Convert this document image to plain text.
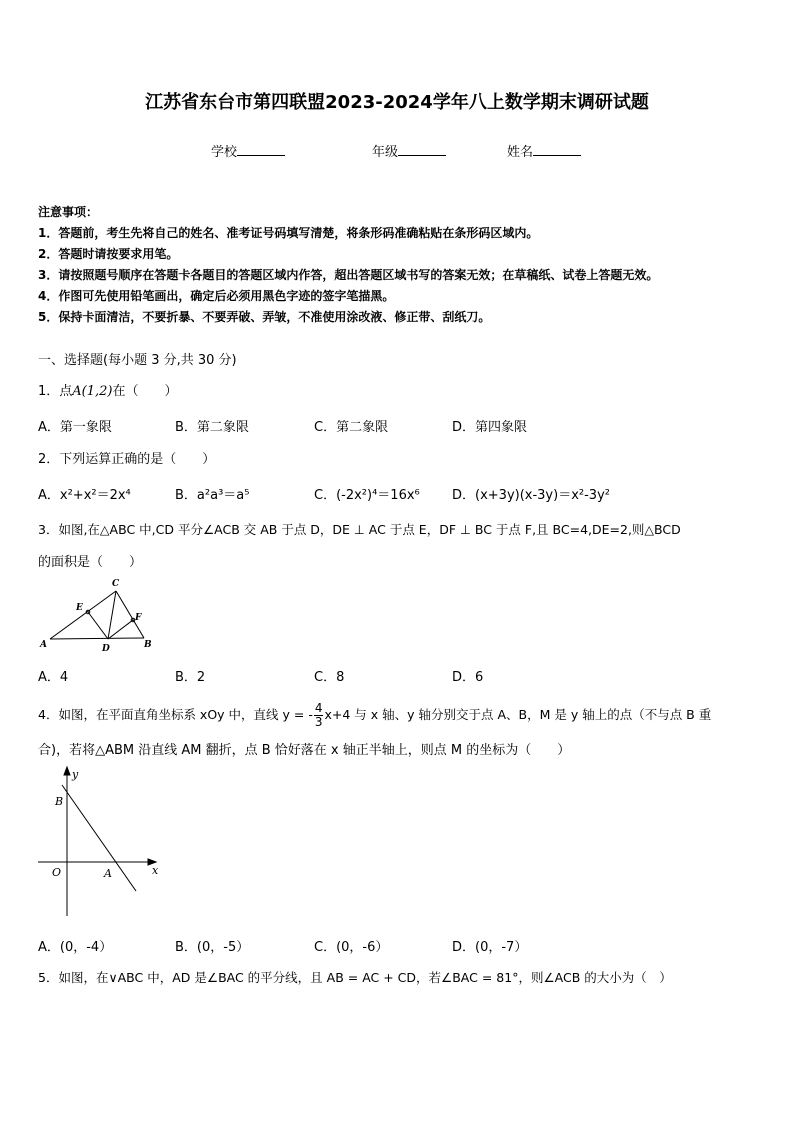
江苏省东台市第四联盟2023-2024学年八上数学期末调研试题
学校	年级	姓名
注意事项：
1．答题前，考生先将自己的姓名、准考证号码填写清楚，将条形码准确粘贴在条形码区域内。
2．答题时请按要求用笔。
3．请按照题号顺序在答题卡各题目的答题区域内作答，超出答题区域书写的答案无效；在草稿纸、试卷上答题无效。
4．作图可先使用铅笔画出，确定后必须用黑色字迹的签字笔描黑。
5．保持卡面清洁，不要折暴、不要弄破、弄皱，不准使用涂改液、修正带、刮纸刀。
一、选择题(每小题 3 分,共 30 分)
1．点A(1,2)在（　　）
A．第一象限	B．第二象限	C．第二象限	D．第四象限
2．下列运算正确的是（　　）
A．x²+x²＝2x⁴	B．a²a³＝a⁵	C．(-2x²)⁴＝16x⁶ D．(x+3y)(x-3y)＝x²-3y²
3．如图,在△ABC 中,CD 平分∠ACB 交 AB 于点 D，DE ⊥ AC 于点 E，DF ⊥ BC 于点 F,且 BC=4,DE=2,则△BCD
的面积是（　　）
C
E
F
A	D	B
A．4	B．2	C．8	D．6
4．如图，在平面直角坐标系 xOy 中，直线 y = - $\frac{4}{3} x+4$ 与 x 轴、y 轴分别交于点 A、B，M 是 y 轴上的点（不与点 B 重
合)，若将△ABM 沿直线 AM 翻折，点 B 恰好落在 x 轴正半轴上，则点 M 的坐标为（　　）
y
x
O	A
B
A．(0，-4）	B．(0，-5）	C．(0，-6）	D．(0，-7）
5．如图，在∨ABC 中，AD 是∠BAC 的平分线，且 AB = AC + CD，若∠BAC = 81°，则∠ACB 的大小为（　）
